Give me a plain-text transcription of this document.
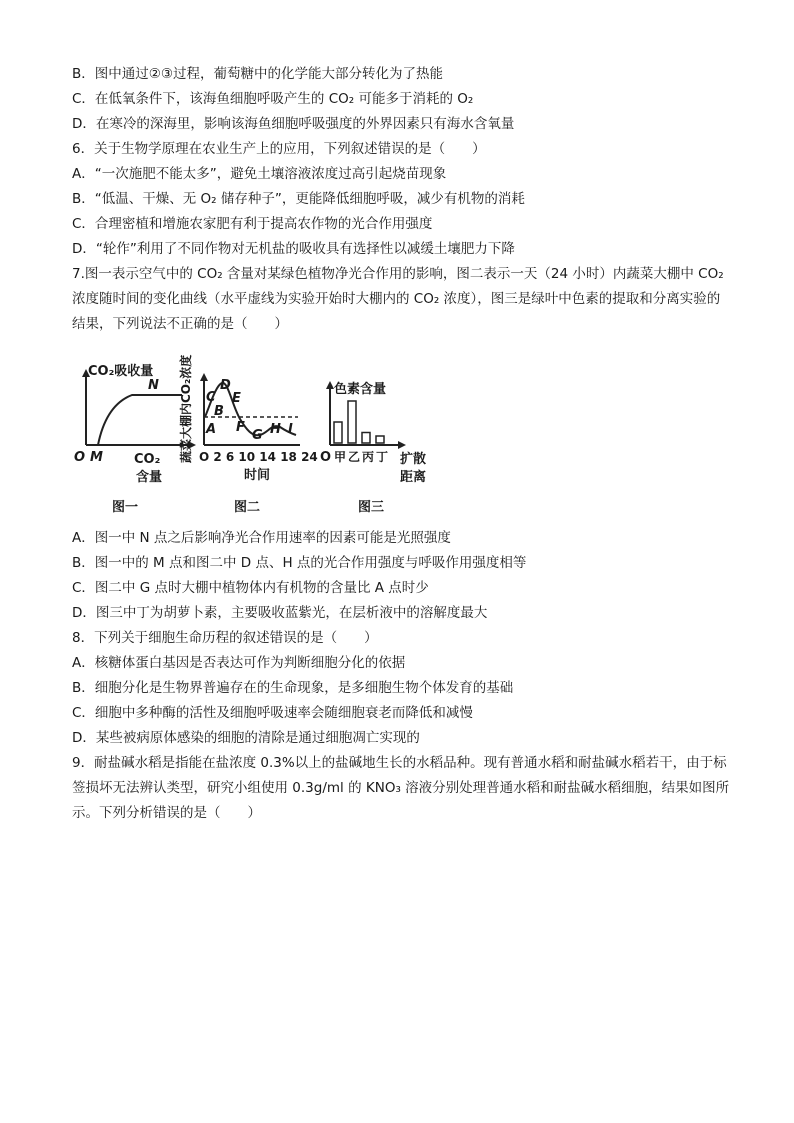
B．图中通过②③过程，葡萄糖中的化学能大部分转化为了热能
C．在低氧条件下，该海鱼细胞呼吸产生的 CO₂ 可能多于消耗的 O₂
D．在寒冷的深海里，影响该海鱼细胞呼吸强度的外界因素只有海水含氧量
6．关于生物学原理在农业生产上的应用，下列叙述错误的是（　　）
A．“一次施肥不能太多”，避免土壤溶液浓度过高引起烧苗现象
B．“低温、干燥、无 O₂ 储存种子”，更能降低细胞呼吸，减少有机物的消耗
C．合理密植和增施农家肥有利于提高农作物的光合作用强度
D．“轮作”利用了不同作物对无机盐的吸收具有选择性以减缓土壤肥力下降
7.图一表示空气中的 CO₂ 含量对某绿色植物净光合作用的影响，图二表示一天（24 小时）内蔬菜大棚中 CO₂ 浓度随时间的变化曲线（水平虚线为实验开始时大棚内的 CO₂ 浓度），图三是绿叶中色素的提取和分离实验的结果，下列说法不正确的是（　　）
CO₂吸收量
N
O M CO₂
含量
图一
蔬菜大棚内CO₂浓度 A
B
C
D
E
F
G H I
O 2 6 10 14 18 24
时间
图二
色素含量
O 甲 乙 丙 丁 扩散
距离
图三
A．图一中 N 点之后影响净光合作用速率的因素可能是光照强度
B．图一中的 M 点和图二中 D 点、H 点的光合作用强度与呼吸作用强度相等
C．图二中 G 点时大棚中植物体内有机物的含量比 A 点时少
D．图三中丁为胡萝卜素，主要吸收蓝紫光，在层析液中的溶解度最大
8．下列关于细胞生命历程的叙述错误的是（　　）
A．核糖体蛋白基因是否表达可作为判断细胞分化的依据
B．细胞分化是生物界普遍存在的生命现象，是多细胞生物个体发育的基础
C．细胞中多种酶的活性及细胞呼吸速率会随细胞衰老而降低和减慢
D．某些被病原体感染的细胞的清除是通过细胞凋亡实现的
9．耐盐碱水稻是指能在盐浓度 0.3%以上的盐碱地生长的水稻品种。现有普通水稻和耐盐碱水稻若干，由于标签损坏无法辨认类型，研究小组使用 0.3g/ml 的 KNO₃ 溶液分别处理普通水稻和耐盐碱水稻细胞，结果如图所示。下列分析错误的是（　　）
